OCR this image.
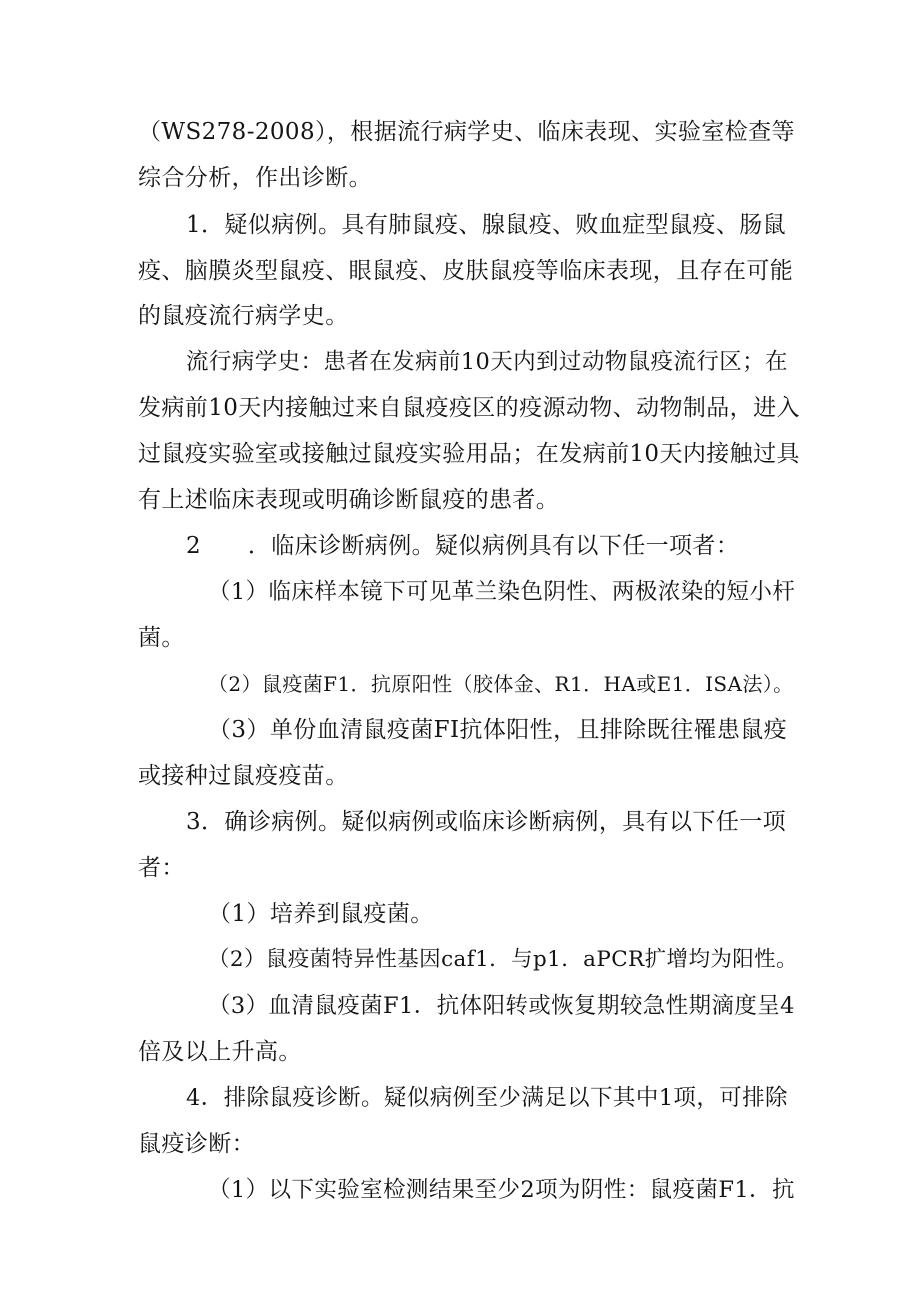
（WS278-2008），根据流行病学史、临床表现、实验室检查等

综合分析，作出诊断。

1．疑似病例。具有肺鼠疫、腺鼠疫、败血症型鼠疫、肠鼠

疫、脑膜炎型鼠疫、眼鼠疫、皮肤鼠疫等临床表现，且存在可能

的鼠疫流行病学史。

流行病学史：患者在发病前10天内到过动物鼠疫流行区；在

发病前10天内接触过来自鼠疫疫区的疫源动物、动物制品，进入

过鼠疫实验室或接触过鼠疫实验用品；在发病前10天内接触过具

有上述临床表现或明确诊断鼠疫的患者。

2　　．临床诊断病例。疑似病例具有以下任一项者：

（1）临床样本镜下可见革兰染色阴性、两极浓染的短小杆

菌。

（2）鼠疫菌F1．抗原阳性（胶体金、R1．HA或E1．ISA法）。

（3）单份血清鼠疫菌FI抗体阳性，且排除既往罹患鼠疫

或接种过鼠疫疫苗。

3．确诊病例。疑似病例或临床诊断病例，具有以下任一项

者：

（1）培养到鼠疫菌。

（2）鼠疫菌特异性基因caf1．与p1．aPCR扩增均为阳性。

（3）血清鼠疫菌F1．抗体阳转或恢复期较急性期滴度呈4

倍及以上升高。

4．排除鼠疫诊断。疑似病例至少满足以下其中1项，可排除

鼠疫诊断：

（1）以下实验室检测结果至少2项为阴性：鼠疫菌F1．抗
